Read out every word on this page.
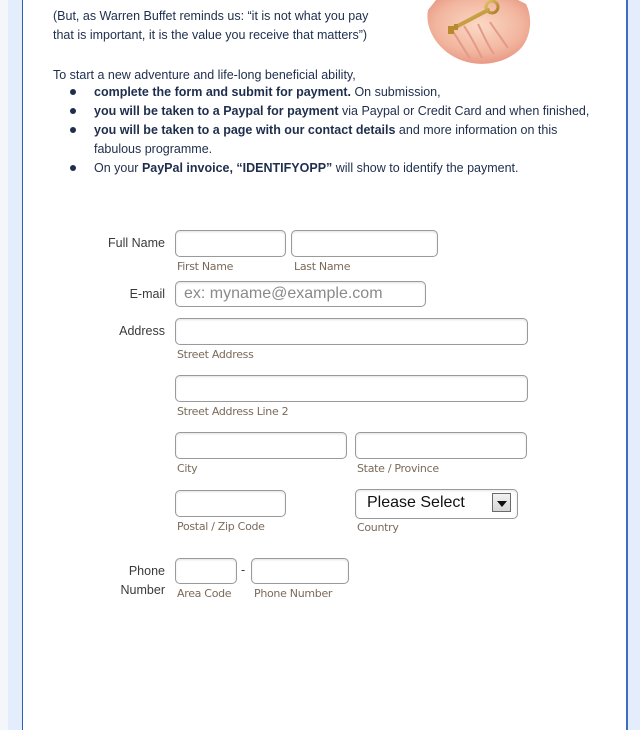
(But, as Warren Buffet reminds us: “it is not what you pay

that is important, it is the value you receive that matters”)

To start a new adventure and life-long beneficial ability,
complete the form and submit for payment. On submission,
you will be taken to a Paypal for payment via Paypal or Credit Card and when finished,
you will be taken to a page with our contact details and more information on this fabulous programme.
On your PayPal invoice, “IDENTIFYOPP” will show to identify the payment.
Full Name
First Name	Last Name
E-mail
ex: myname@example.com
Address
Street Address
Street Address Line 2
City	State / Province
Postal / Zip Code
Please Select
Country
Phone
Number Area Code
-
Phone Number
